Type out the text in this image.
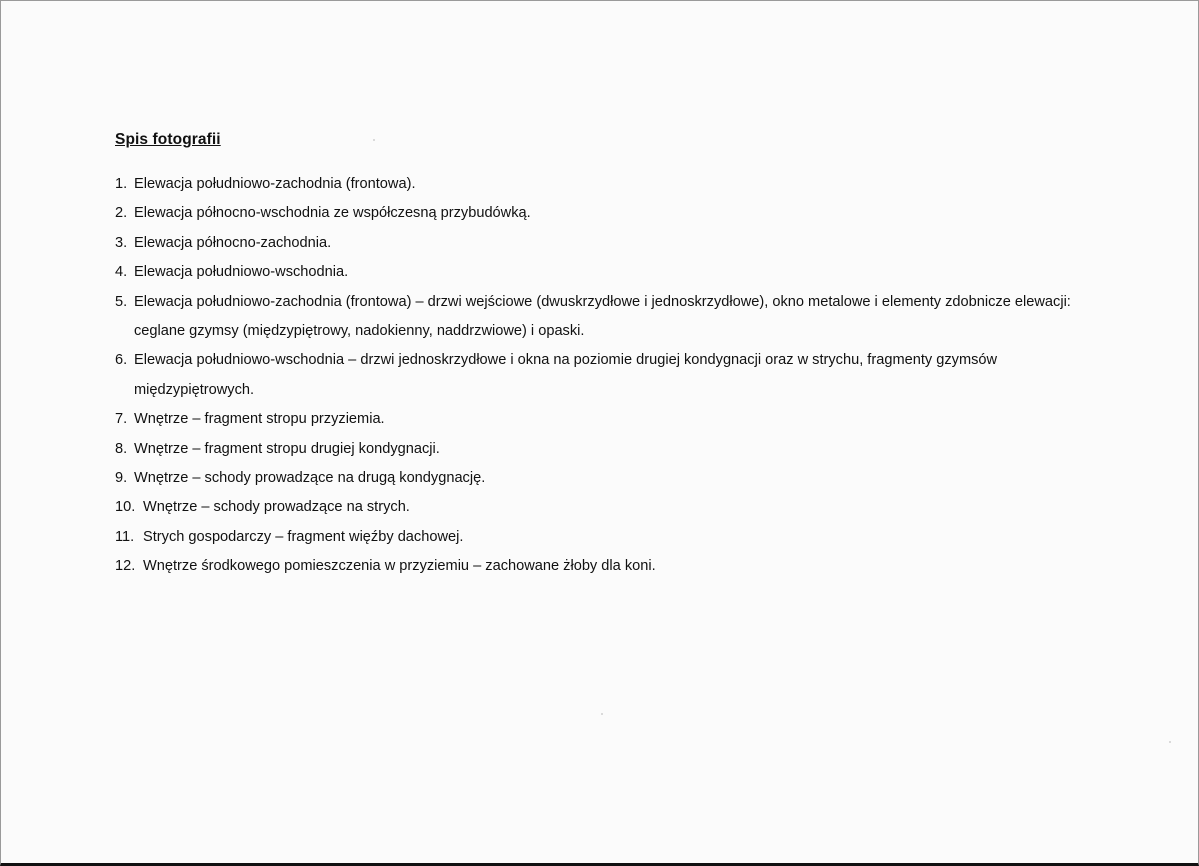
Spis fotografii
1. Elewacja południowo-zachodnia (frontowa).
2. Elewacja północno-wschodnia ze współczesną przybudówką.
3. Elewacja północno-zachodnia.
4. Elewacja południowo-wschodnia.
5. Elewacja południowo-zachodnia (frontowa) – drzwi wejściowe (dwuskrzydłowe i jednoskrzydłowe), okno metalowe i elementy zdobnicze elewacji: ceglane gzymsy (międzypiętrowy, nadokienny, naddrzwiowe) i opaski.
6. Elewacja południowo-wschodnia – drzwi jednoskrzydłowe i okna na poziomie drugiej kondygnacji oraz w strychu, fragmenty gzymsów międzypiętrowych.
7. Wnętrze – fragment stropu przyziemia.
8. Wnętrze – fragment stropu drugiej kondygnacji.
9. Wnętrze – schody prowadzące na drugą kondygnację.
10. Wnętrze – schody prowadzące na strych.
11. Strych gospodarczy – fragment więźby dachowej.
12. Wnętrze środkowego pomieszczenia w przyziemiu – zachowane żłoby dla koni.
